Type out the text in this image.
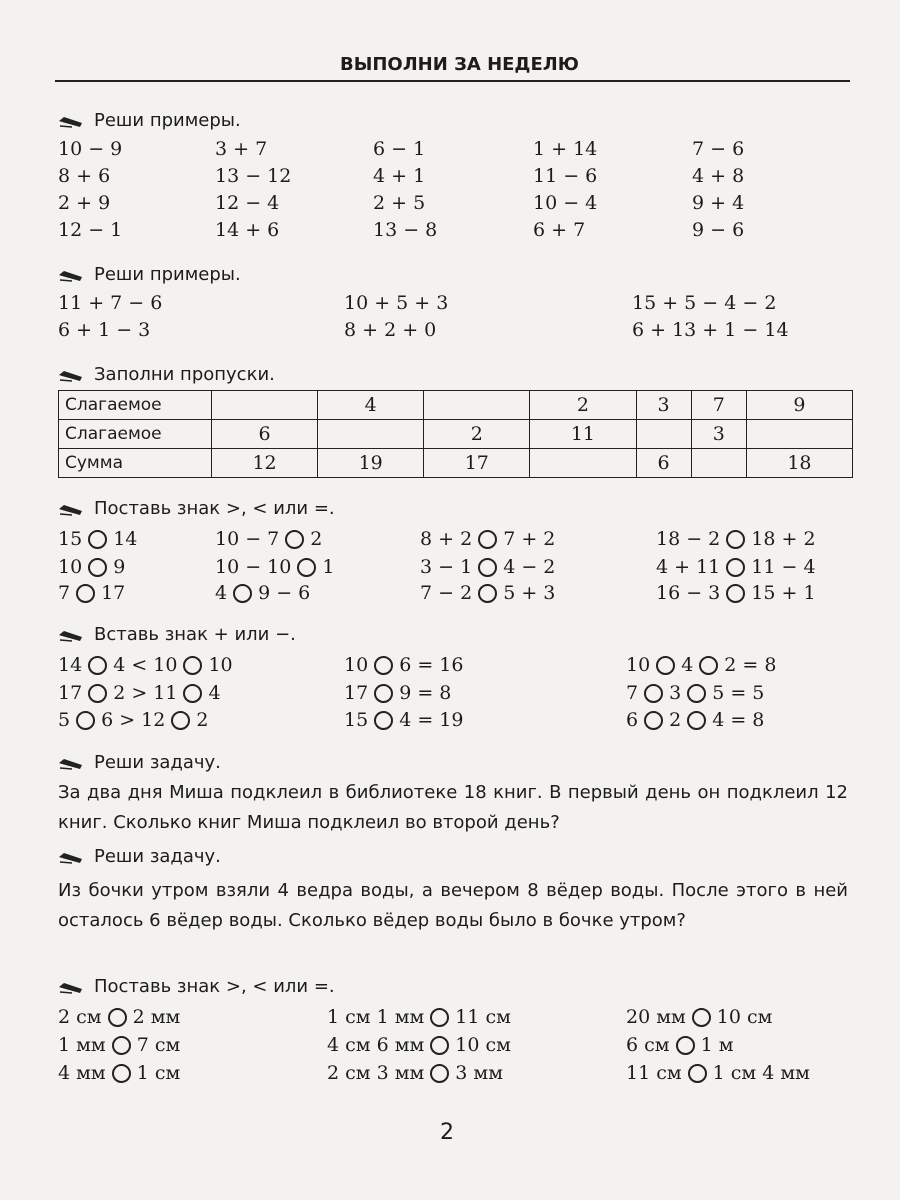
ВЫПОЛНИ ЗА НЕДЕЛЮ
Реши примеры.
10 − 9
8 + 6
2 + 9
12 − 1
3 + 7
13 − 12
12 − 4
14 + 6
6 − 1
4 + 1
2 + 5
13 − 8
1 + 14
11 − 6
10 − 4
6 + 7
7 − 6
4 + 8
9 + 4
9 − 6
Реши примеры.
11 + 7 − 6
6 + 1 − 3
10 + 5 + 3
8 + 2 + 0
15 + 5 − 4 − 2
6 + 13 + 1 − 14
Заполни пропуски.
Слагаемое		4		2	3	7	9
Слагаемое	6		2	11		3	
Сумма	12	19	17		6		18
Поставь знак >, < или =.
15 14
10 9
7 17
10 − 7 2
10 − 10 1
4 9 − 6
8 + 2 7 + 2
3 − 1 4 − 2
7 − 2 5 + 3
18 − 2 18 + 2
4 + 11 11 − 4
16 − 3 15 + 1
Вставь знак + или −.
14 4 < 10 10
17 2 > 11 4
5 6 > 12 2
10 6 = 16
17 9 = 8
15 4 = 19
10 4 2 = 8
7 3 5 = 5
6 2 4 = 8
Реши задачу.
За два дня Миша подклеил в библиотеке 18 книг. В первый день он подклеил 12 книг. Сколько книг Миша подклеил во второй день?
Реши задачу.
Из бочки утром взяли 4 ведра воды, а вечером 8 вёдер воды. После этого в ней осталось 6 вёдер воды. Сколько вёдер воды было в бочке утром?
Поставь знак >, < или =.
2 см 2 мм
1 мм 7 см
4 мм 1 см
1 см 1 мм 11 см
4 см 6 мм 10 см
2 см 3 мм 3 мм
20 мм 10 см
6 см 1 м
11 см 1 см 4 мм
2
